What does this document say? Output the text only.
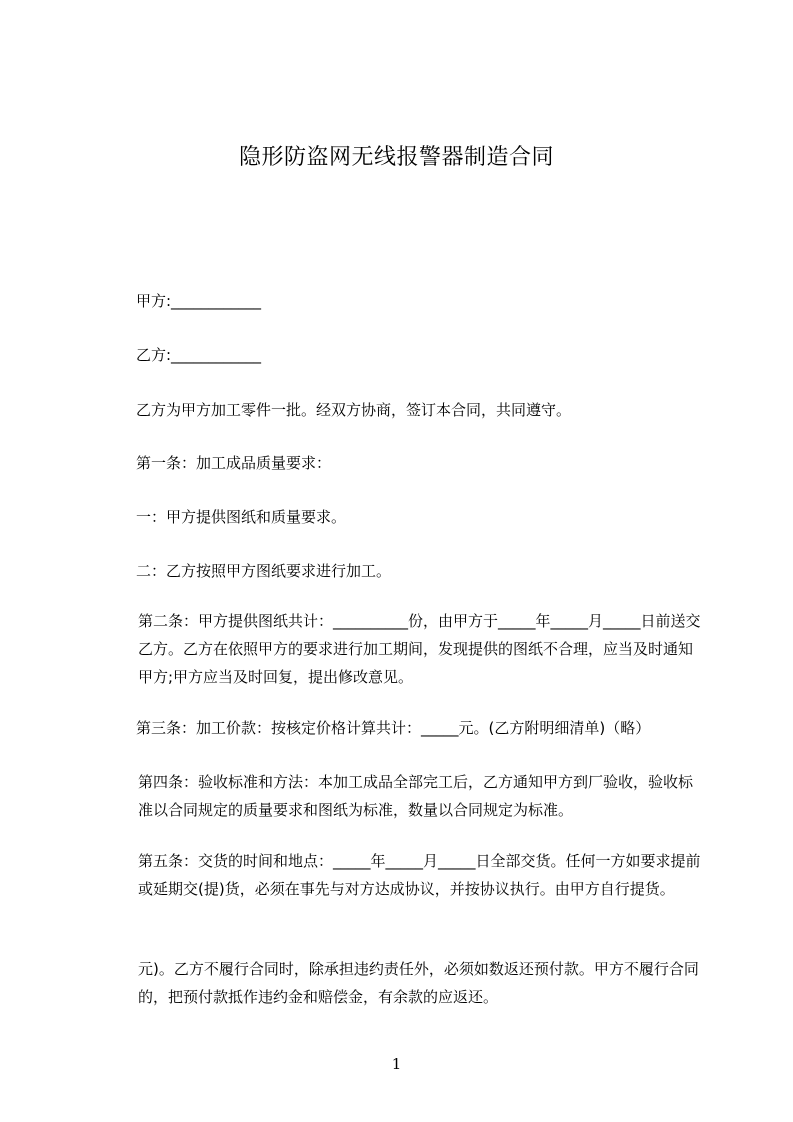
隐形防盗网无线报警器制造合同

甲方:____________

乙方:____________

乙方为甲方加工零件一批。经双方协商，签订本合同，共同遵守。

第一条：加工成品质量要求：

一：甲方提供图纸和质量要求。

二：乙方按照甲方图纸要求进行加工。

第二条：甲方提供图纸共计：__________份，由甲方于_____年_____月_____日前送交乙方。乙方在依照甲方的要求进行加工期间，发现提供的图纸不合理，应当及时通知甲方;甲方应当及时回复，提出修改意见。

第三条：加工价款：按核定价格计算共计：_____元。(乙方附明细清单)（略）

第四条：验收标准和方法：本加工成品全部完工后，乙方通知甲方到厂验收，验收标准以合同规定的质量要求和图纸为标准，数量以合同规定为标准。

第五条：交货的时间和地点：_____年_____月_____日全部交货。任何一方如要求提前或延期交(提)货，必须在事先与对方达成协议，并按协议执行。由甲方自行提货。

元)。乙方不履行合同时，除承担违约责任外，必须如数返还预付款。甲方不履行合同的，把预付款抵作违约金和赔偿金，有余款的应返还。

1
